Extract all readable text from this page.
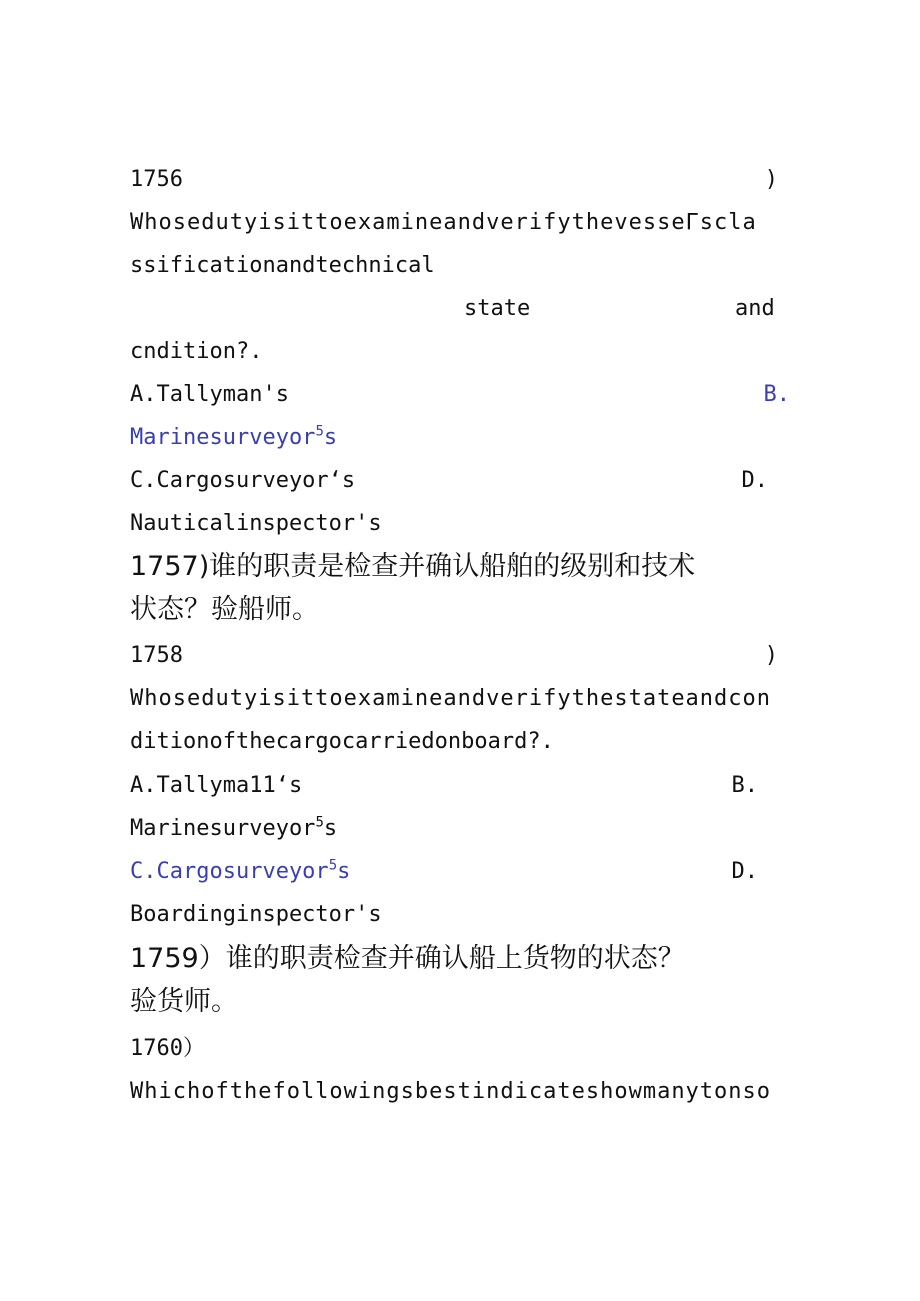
1756	)
WhosedutyisittoexamineandverifythevesseΓscla
ssificationandtechnical
state	and
cndition?.
A.Tallyman's	B.
Marinesurveyor$^5$s
C.Cargosurveyorʻs	D.
Nauticalinspector's
1757)谁的职责是检查并确认船舶的级别和技术
状态？验船师。
1758	)
Whosedutyisittoexamineandverifythestateandcon
ditionofthecargocarriedonboard?.
A.Tallyma11ʻs	B.
Marinesurveyor$^5$s
C.Cargosurveyor$^5$s	D.
Boardinginspector's
1759）谁的职责检查并确认船上货物的状态？
验货师。
1760）
Whichofthefollowingsbestindicateshowmanytonso
